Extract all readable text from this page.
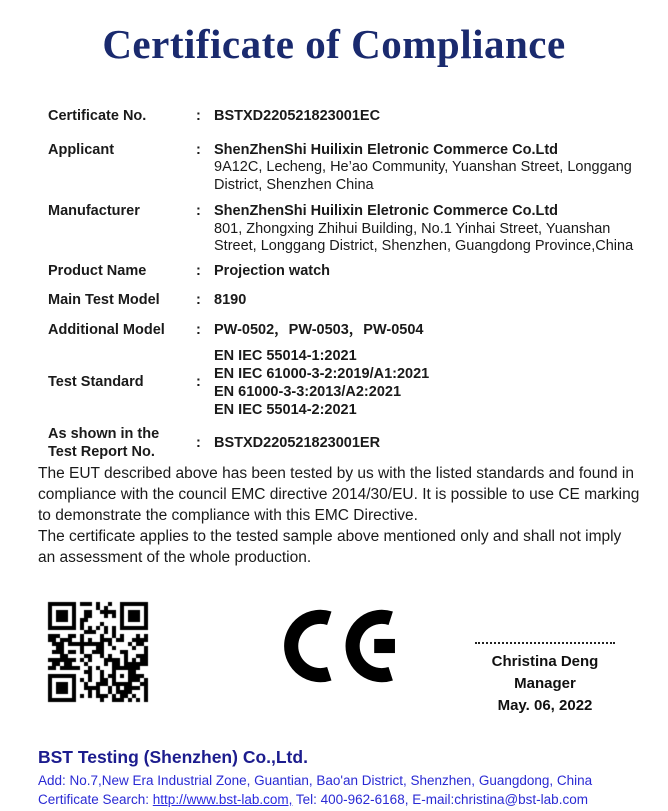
Certificate of Compliance
Certificate No.	: BSTXD220521823001EC
Applicant	: ShenZhenShi Huilixin Eletronic Commerce Co.Ltd
9A12C, Lecheng, He’ao Community, Yuanshan Street, Longgang District, Shenzhen China
Manufacturer	: ShenZhenShi Huilixin Eletronic Commerce Co.Ltd
801, Zhongxing Zhihui Building, No.1 Yinhai Street, Yuanshan Street, Longgang District, Shenzhen, Guangdong Province,China
Product Name	: Projection watch
Main Test Model	: 8190
Additional Model	: PW-0502，PW-0503，PW-0504
Test Standard	:
EN IEC 55014-1:2021
EN IEC 61000-3-2:2019/A1:2021
EN 61000-3-3:2013/A2:2021
EN IEC 55014-2:2021
As shown in the
Test Report No.
: BSTXD220521823001ER
The EUT described above has been tested by us with the listed standards and found in compliance with the council EMC directive 2014/30/EU. It is possible to use CE marking to demonstrate the compliance with this EMC Directive.
The certificate applies to the tested sample above mentioned only and shall not imply an assessment of the whole production.
Christina Deng
Manager
May. 06, 2022
BST Testing (Shenzhen) Co.,Ltd.
Add: No.7,New Era Industrial Zone, Guantian, Bao'an District, Shenzhen, Guangdong, China
Certificate Search: http://www.bst-lab.com, Tel: 400-962-6168, E-mail:christina@bst-lab.com
